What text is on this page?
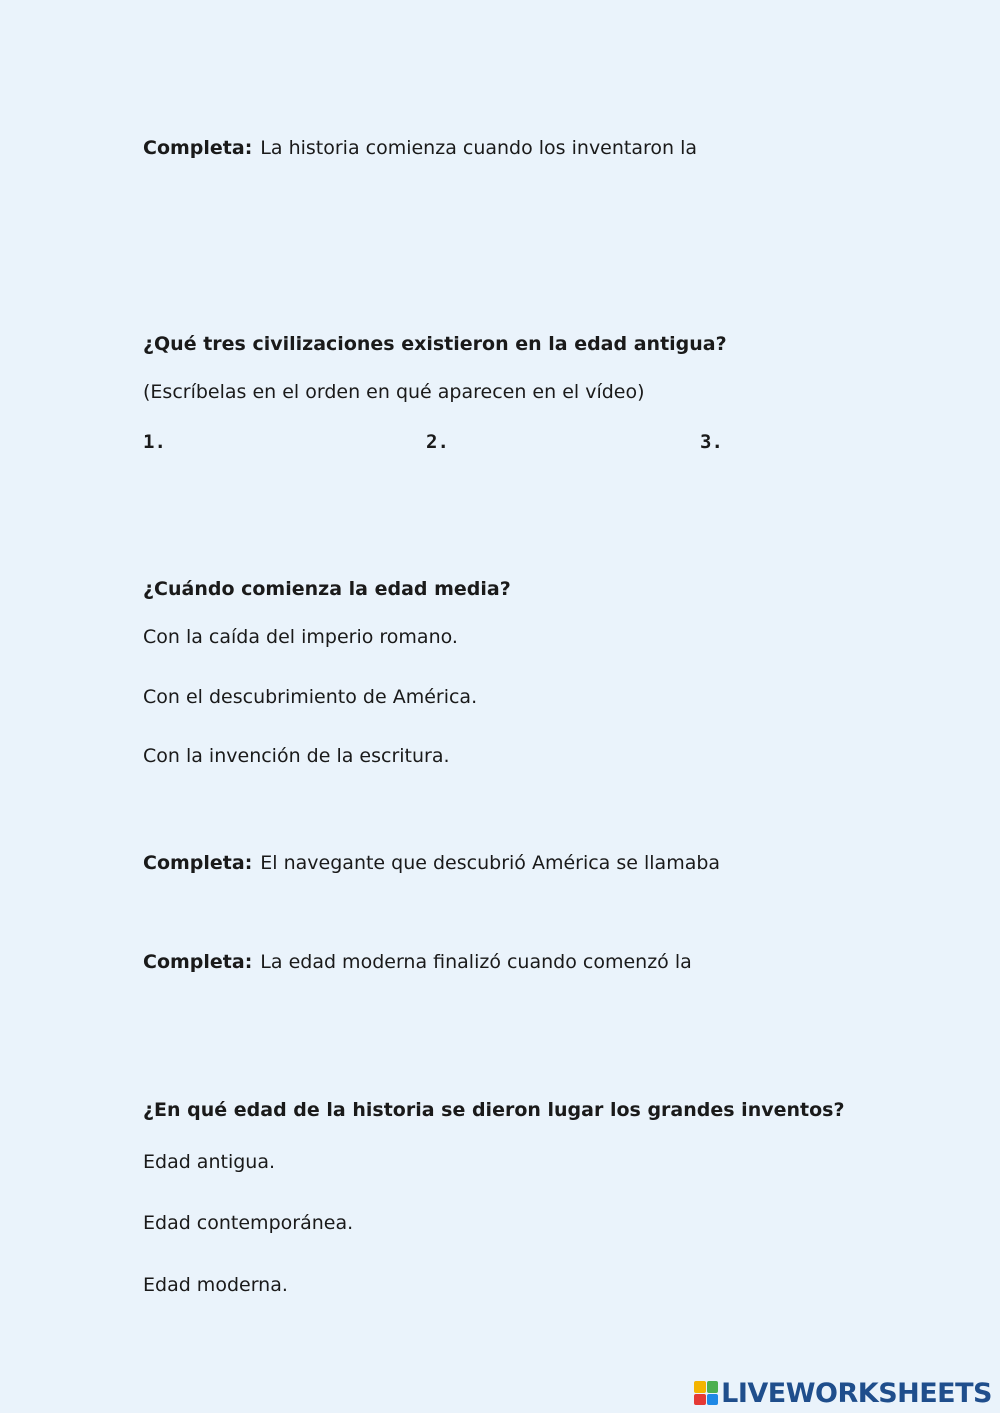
Completa: La historia comienza cuando los inventaron la
¿Qué tres civilizaciones existieron en la edad antigua?
(Escríbelas en el orden en qué aparecen en el vídeo)
1.	2.	3.
¿Cuándo comienza la edad media?
Con la caída del imperio romano.
Con el descubrimiento de América.
Con la invención de la escritura.
Completa: El navegante que descubrió América se llamaba
Completa: La edad moderna finalizó cuando comenzó la
¿En qué edad de la historia se dieron lugar los grandes inventos?
Edad antigua.
Edad contemporánea.
Edad moderna.
LIVEWORKSHEETS
